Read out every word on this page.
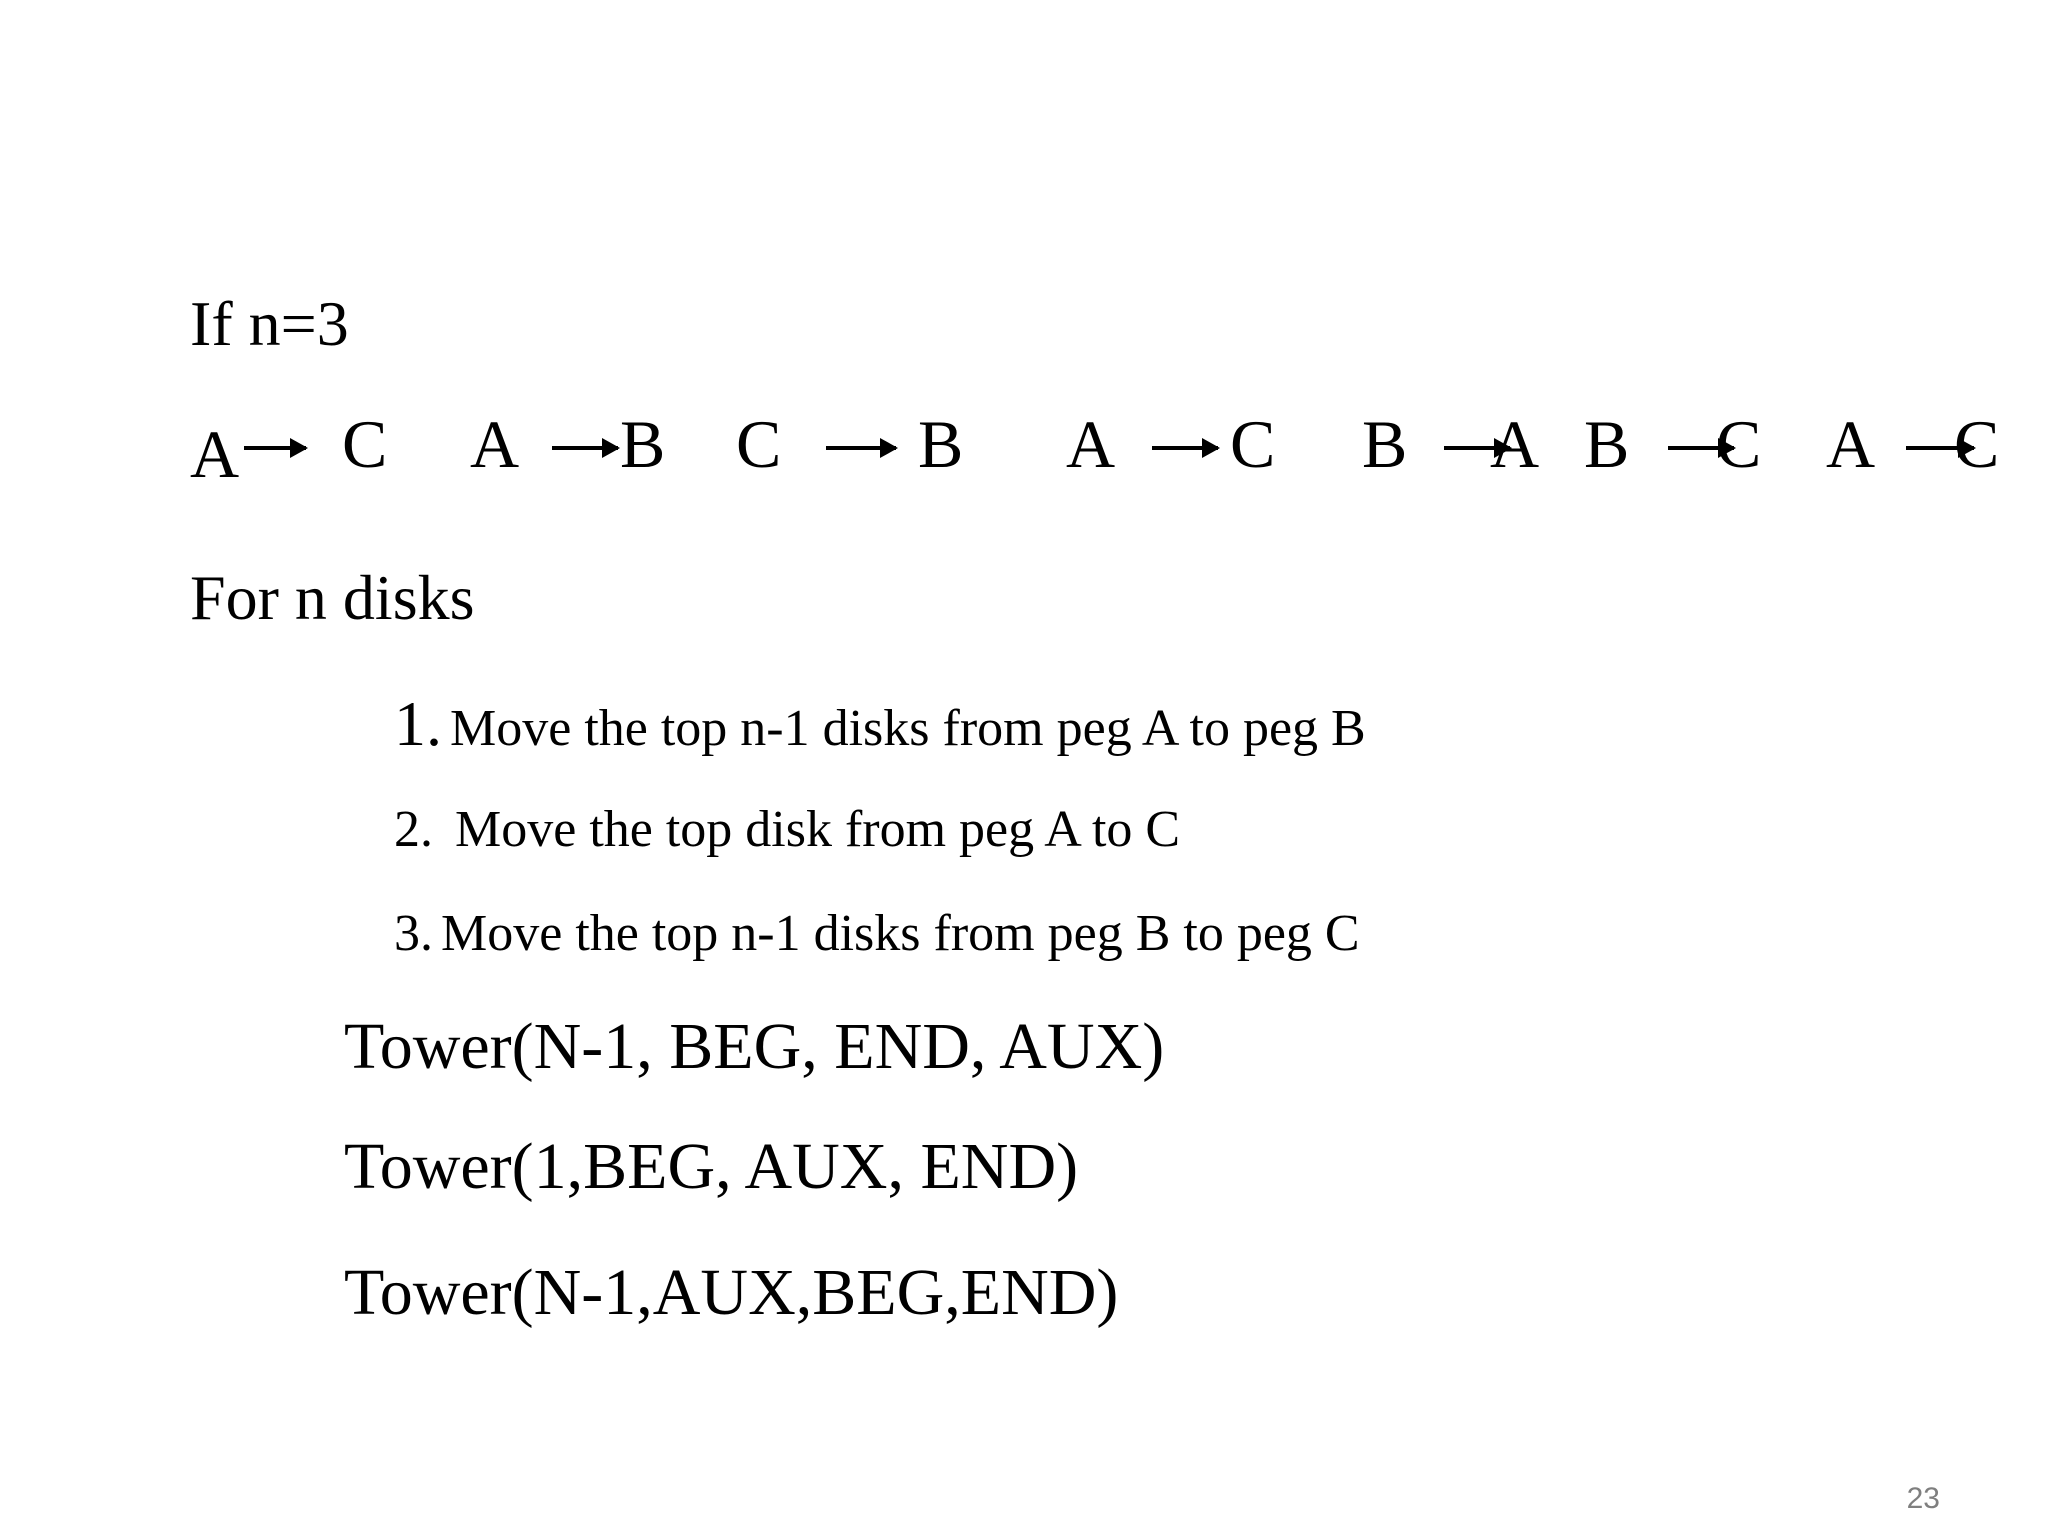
If n=3
A C A B C B A C B A B C A C
For n disks
1. Move the top n-1 disks from peg A to peg B
2. Move the top disk from peg A to C
3. Move the top n-1 disks from peg B to peg C
Tower(N-1, BEG, END, AUX)
Tower(1,BEG, AUX, END)
Tower(N-1,AUX,BEG,END)
23
